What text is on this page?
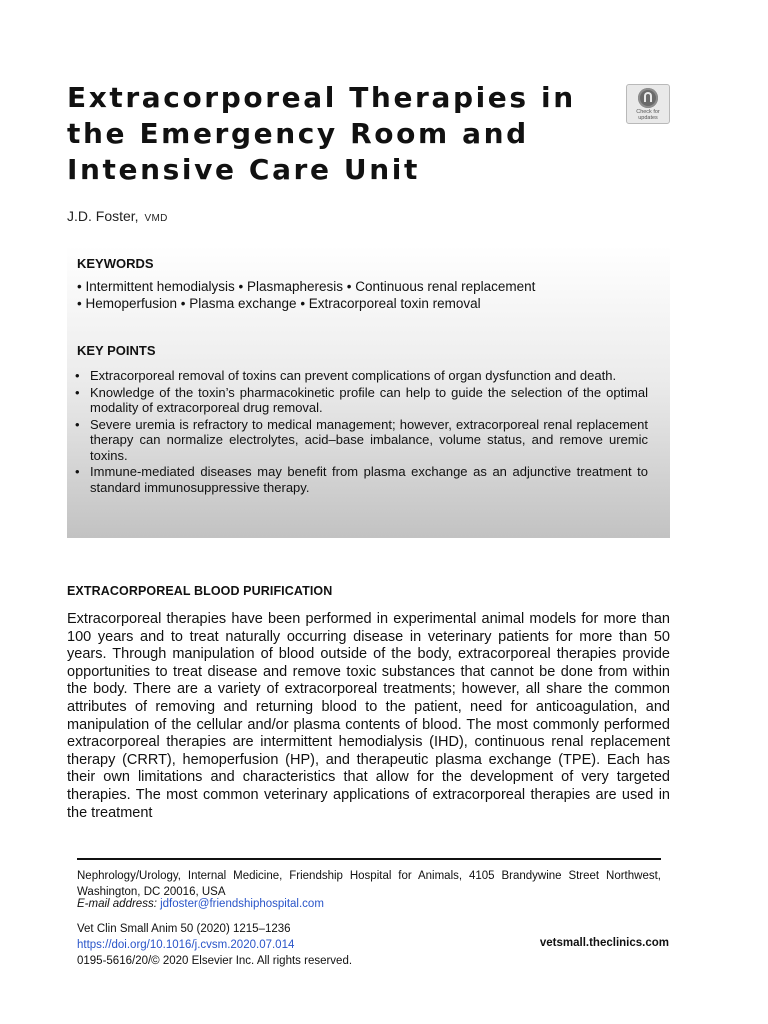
Extracorporeal Therapies in
the Emergency Room and
Intensive Care Unit
Check for
updates
J.D. Foster, VMD
KEYWORDS
• Intermittent hemodialysis • Plasmapheresis • Continuous renal replacement
• Hemoperfusion • Plasma exchange • Extracorporeal toxin removal
KEY POINTS
• Extracorporeal removal of toxins can prevent complications of organ dysfunction and death.
• Knowledge of the toxin’s pharmacokinetic profile can help to guide the selection of the optimal modality of extracorporeal drug removal.
• Severe uremia is refractory to medical management; however, extracorporeal renal replacement therapy can normalize electrolytes, acid–base imbalance, volume status, and remove uremic toxins.
• Immune-mediated diseases may benefit from plasma exchange as an adjunctive treatment to standard immunosuppressive therapy.
EXTRACORPOREAL BLOOD PURIFICATION

Extracorporeal therapies have been performed in experimental animal models for more than 100 years and to treat naturally occurring disease in veterinary patients for more than 50 years. Through manipulation of blood outside of the body, extracorporeal therapies provide opportunities to treat disease and remove toxic substances that cannot be done from within the body. There are a variety of extracorporeal treatments; however, all share the common attributes of removing and returning blood to the patient, need for anticoagulation, and manipulation of the cellular and/or plasma contents of blood. The most commonly performed extracorporeal therapies are intermittent hemodialysis (IHD), continuous renal replacement therapy (CRRT), hemoperfusion (HP), and therapeutic plasma exchange (TPE). Each has their own limitations and characteristics that allow for the development of very targeted therapies. The most common veterinary applications of extracorporeal therapies are used in the treatment

Nephrology/Urology, Internal Medicine, Friendship Hospital for Animals, 4105 Brandywine Street Northwest, Washington, DC 20016, USA

E-mail address: jdfoster@friendshiphospital.com
Vet Clin Small Anim 50 (2020) 1215–1236
https://doi.org/10.1016/j.cvsm.2020.07.014
0195-5616/20/© 2020 Elsevier Inc. All rights reserved.
vetsmall.theclinics.com
